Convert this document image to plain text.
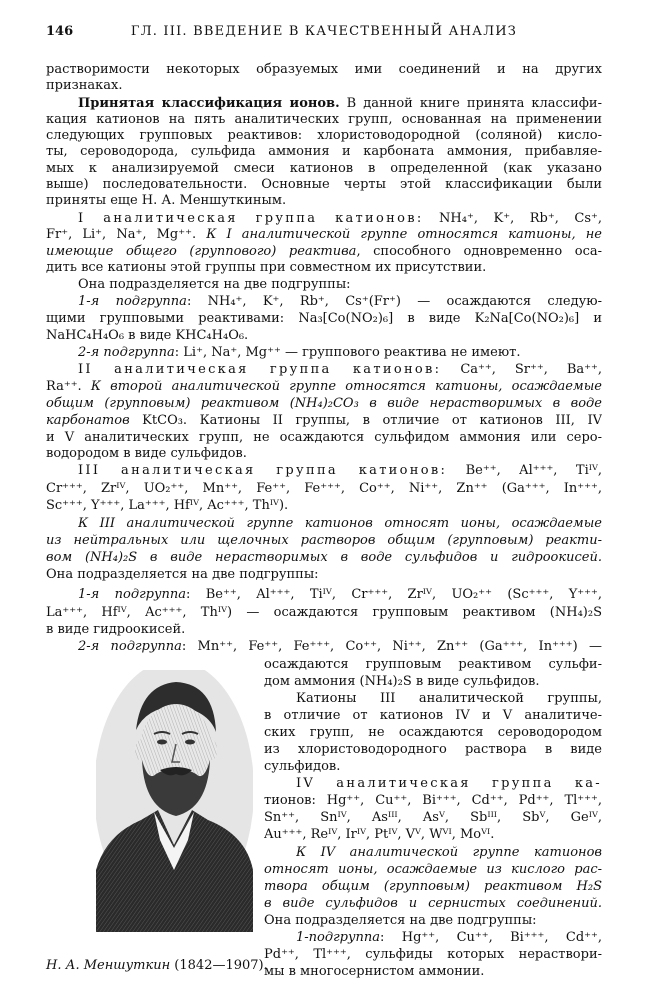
146	ГЛ. III. ВВЕДЕНИЕ В КАЧЕСТВЕННЫЙ АНАЛИЗ
растворимости некоторых образуемых ими соединений и на других
признаках.
Принятая классификация ионов. В данной книге принята классифи-
кация катионов на пять аналитических групп, основанная на применении
следующих групповых реактивов: хлористоводородной (соляной) кисло-
ты, сероводорода, сульфида аммония и карбоната аммония, прибавляе-
мых к анализируемой смеси катионов в определенной (как указано
выше) последовательности. Основные черты этой классификации были
приняты еще Н. А. Меншуткиным.
I аналитическая группа катионов: NH₄⁺, K⁺, Rb⁺, Cs⁺,
Fr⁺, Li⁺, Na⁺, Mg⁺⁺. К I аналитической группе относятся катионы, не
имеющие общего (группового) реактива, способного одновременно оса-
дить все катионы этой группы при совместном их присутствии.
Она подразделяется на две подгруппы:
1-я подгруппа: NH₄⁺, K⁺, Rb⁺, Cs⁺(Fr⁺) — осаждаются следую-
щими групповыми реактивами: Na₃[Co(NO₂)₆] в виде K₂Na[Co(NO₂)₆] и
NaHC₄H₄O₆ в виде KHC₄H₄O₆.
2-я подгруппа: Li⁺, Na⁺, Mg⁺⁺ — группового реактива не имеют.
II аналитическая группа катионов: Ca⁺⁺, Sr⁺⁺, Ba⁺⁺,
Ra⁺⁺. К второй аналитической группе относятся катионы, осаждаемые
общим (групповым) реактивом (NH₄)₂CO₃ в виде нерастворимых в воде
карбонатов KtCO₃. Катионы II группы, в отличие от катионов III, IV
и V аналитических групп, не осаждаются сульфидом аммония или серо-
водородом в виде сульфидов.
III аналитическая группа катионов: Be⁺⁺, Al⁺⁺⁺, Tiᴵⱽ,
Cr⁺⁺⁺, Zrᴵⱽ, UO₂⁺⁺, Mn⁺⁺, Fe⁺⁺, Fe⁺⁺⁺, Co⁺⁺, Ni⁺⁺, Zn⁺⁺ (Ga⁺⁺⁺, In⁺⁺⁺,
Sc⁺⁺⁺, Y⁺⁺⁺, La⁺⁺⁺, Hfᴵⱽ, Ac⁺⁺⁺, Thᴵⱽ).
К III аналитической группе катионов относят ионы, осаждаемые
из нейтральных или щелочных растворов общим (групповым) реакти-
вом (NH₄)₂S в виде нерастворимых в воде сульфидов и гидроокисей.
Она подразделяется на две подгруппы:
1-я подгруппа: Be⁺⁺, Al⁺⁺⁺, Tiᴵⱽ, Cr⁺⁺⁺, Zrᴵⱽ, UO₂⁺⁺ (Sc⁺⁺⁺, Y⁺⁺⁺,
La⁺⁺⁺, Hfᴵⱽ, Ac⁺⁺⁺, Thᴵⱽ) — осаждаются групповым реактивом (NH₄)₂S
в виде гидроокисей.
2-я подгруппа: Mn⁺⁺, Fe⁺⁺, Fe⁺⁺⁺, Co⁺⁺, Ni⁺⁺, Zn⁺⁺ (Ga⁺⁺⁺, In⁺⁺⁺) —
осаждаются групповым реактивом сульфи-
дом аммония (NH₄)₂S в виде сульфидов.
Катионы III аналитической группы,
в отличие от катионов IV и V аналитиче-
ских групп, не осаждаются сероводородом
из хлористоводородного раствора в виде
сульфидов.
IV аналитическая группа ка-
тионов: Hg⁺⁺, Cu⁺⁺, Bi⁺⁺⁺, Cd⁺⁺, Pd⁺⁺, Tl⁺⁺⁺,
Sn⁺⁺, Snᴵⱽ, Asᴵᴵᴵ, Asⱽ, Sbᴵᴵᴵ, Sbⱽ, Geᴵⱽ,
Au⁺⁺⁺, Reᴵⱽ, Irᴵⱽ, Ptᴵⱽ, Vⱽ, Wⱽᴵ, Moⱽᴵ.
К IV аналитической группе катионов
относят ионы, осаждаемые из кислого рас-
твора общим (групповым) реактивом H₂S
в виде сульфидов и сернистых соединений.
Она подразделяется на две подгруппы:
1-подгруппа: Hg⁺⁺, Cu⁺⁺, Bi⁺⁺⁺, Cd⁺⁺,
Pd⁺⁺, Tl⁺⁺⁺, сульфиды которых нераствори-
мы в многосернистом аммонии.
Н. А. Меншуткин (1842—1907).
